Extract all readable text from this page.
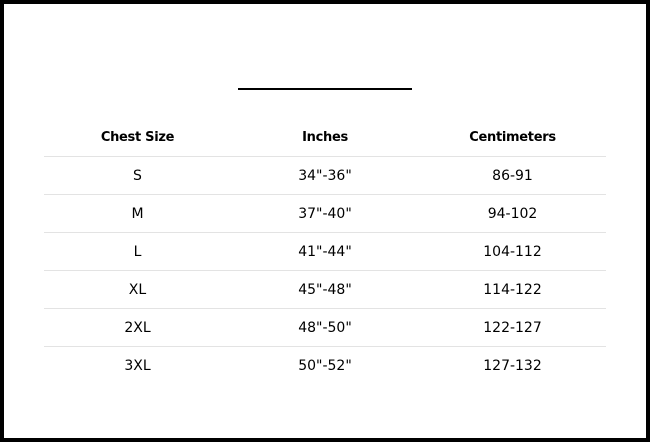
Chest Size	Inches	Centimeters
S	34"-36"	86-91
M	37"-40"	94-102
L	41"-44"	104-112
XL	45"-48"	114-122
2XL	48"-50"	122-127
3XL	50"-52"	127-132
